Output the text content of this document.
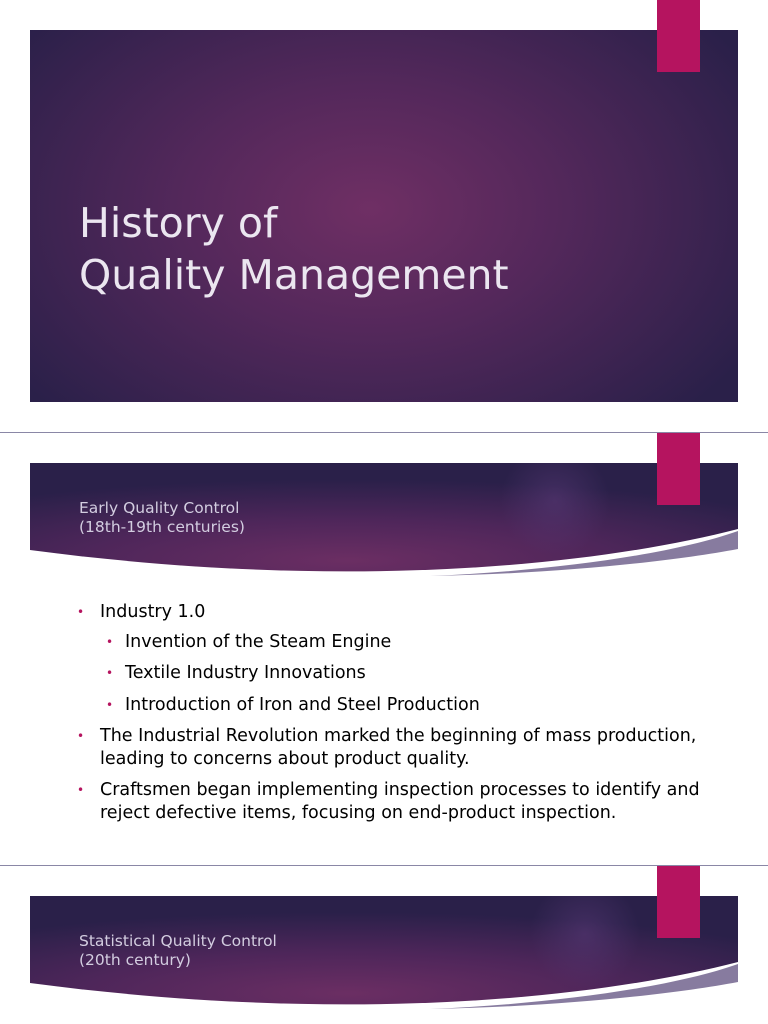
History of
Quality Management
Early Quality Control
(18th-19th centuries)
• Industry 1.0
• Invention of the Steam Engine
• Textile Industry Innovations
• Introduction of Iron and Steel Production
• The Industrial Revolution marked the beginning of mass production, leading to concerns about product quality.
• Craftsmen began implementing inspection processes to identify and reject defective items, focusing on end-product inspection.
Statistical Quality Control
(20th century)
